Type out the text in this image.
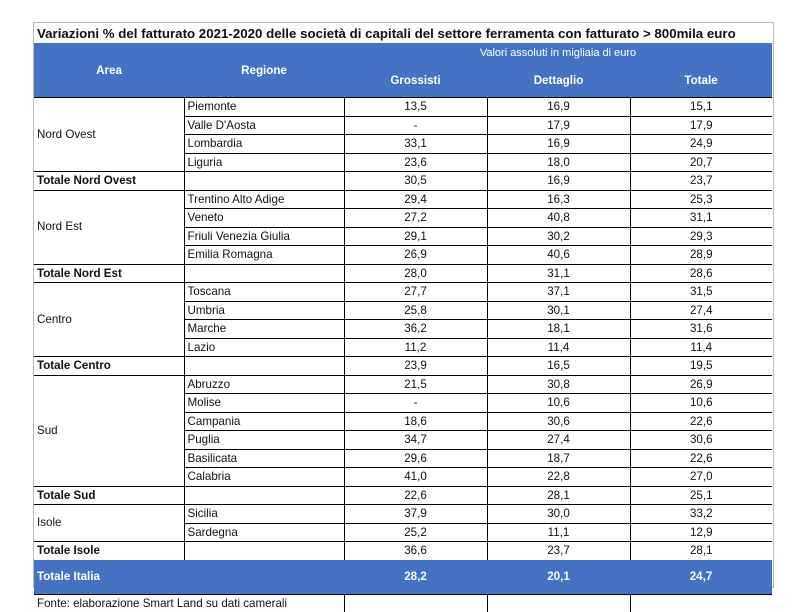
Variazioni % del fatturato 2021-2020 delle società di capitali del settore ferramenta con fatturato > 800mila euro
Area	Regione	Valori assoluti in migliaia di euro		
		Grossisti	Dettaglio	Totale
Nord Ovest	Piemonte	13,5	16,9	15,1
	Valle D'Aosta	-	17,9	17,9
	Lombardia	33,1	16,9	24,9
	Liguria	23,6	18,0	20,7
Totale Nord Ovest		30,5	16,9	23,7
Nord Est	Trentino Alto Adige	29,4	16,3	25,3
	Veneto	27,2	40,8	31,1
	Friuli Venezia Giulia	29,1	30,2	29,3
	Emilia Romagna	26,9	40,6	28,9
Totale Nord Est		28,0	31,1	28,6
Centro	Toscana	27,7	37,1	31,5
	Umbria	25,8	30,1	27,4
	Marche	36,2	18,1	31,6
	Lazio	11,2	11,4	11,4
Totale Centro		23,9	16,5	19,5
Sud	Abruzzo	21,5	30,8	26,9
	Molise	-	10,6	10,6
	Campania	18,6	30,6	22,6
	Puglia	34,7	27,4	30,6
	Basilicata	29,6	18,7	22,6
	Calabria	41,0	22,8	27,0
Totale Sud		22,6	28,1	25,1
Isole	Sicilia	37,9	30,0	33,2
	Sardegna	25,2	11,1	12,9
Totale Isole		36,6	23,7	28,1
Totale Italia		28,2	20,1	24,7
Fonte: elaborazione Smart Land su dati camerali				
